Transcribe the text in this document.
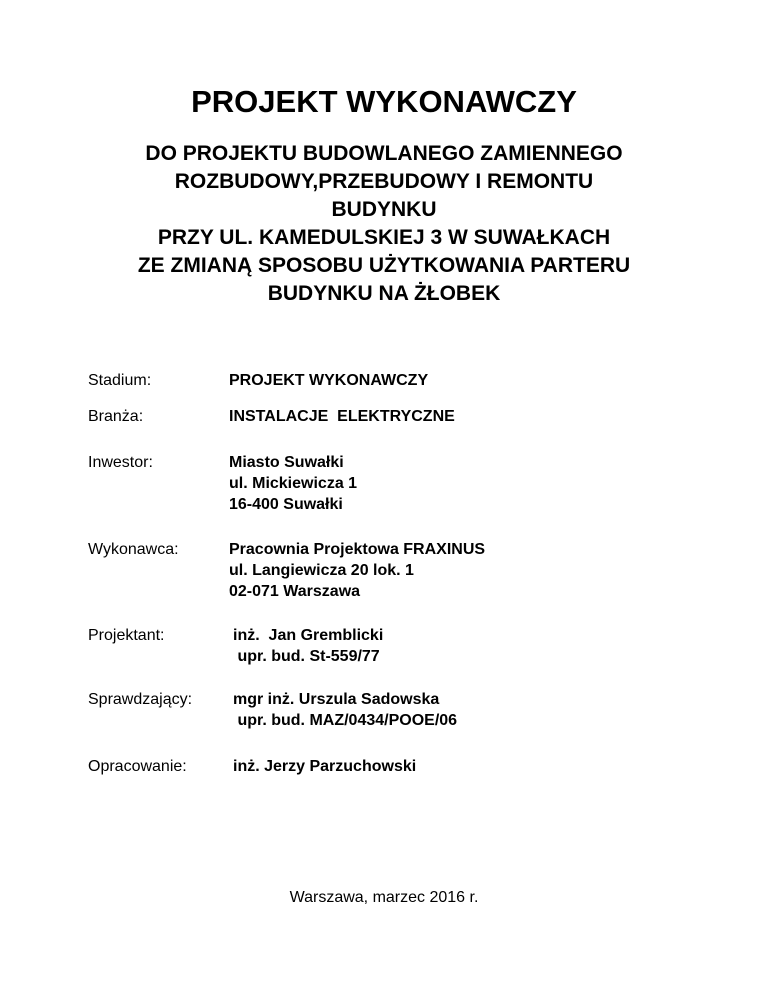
PROJEKT WYKONAWCZY
DO PROJEKTU BUDOWLANEGO ZAMIENNEGO
ROZBUDOWY,PRZEBUDOWY I REMONTU
BUDYNKU
PRZY UL. KAMEDULSKIEJ 3 W SUWAŁKACH
ZE ZMIANĄ SPOSOBU UŻYTKOWANIA PARTERU
BUDYNKU NA ŻŁOBEK
Stadium:	PROJEKT WYKONAWCZY
Branża:	INSTALACJE  ELEKTRYCZNE
Inwestor:	Miasto Suwałki
ul. Mickiewicza 1
16-400 Suwałki
Wykonawca:	Pracownia Projektowa FRAXINUS
ul. Langiewicza 20 lok. 1
02-071 Warszawa
Projektant:	inż.  Jan Gremblicki
upr. bud. St-559/77
Sprawdzający:	mgr inż. Urszula Sadowska
upr. bud. MAZ/0434/POOE/06
Opracowanie:	inż. Jerzy Parzuchowski
Warszawa, marzec 2016 r.
